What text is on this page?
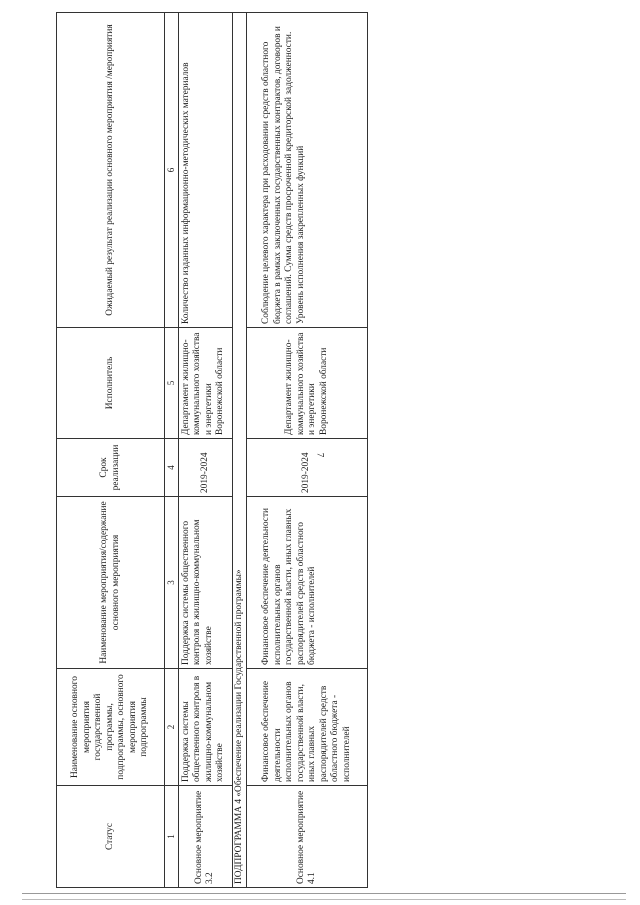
7
Статус	Наименование основного мероприятия государственной программы, подпрограммы, основного мероприятия подпрограммы	Наименование мероприятия/содержание основного мероприятия	Срок реализации	Исполнитель	Ожидаемый результат реализации основного мероприятия /мероприятия
1	2	3	4	5	6
Основное мероприятие 3.2	Поддержка системы общественного контроля в жилищно-коммунальном хозяйстве	Поддержка системы общественного контроля в жилищно-коммунальном хозяйстве	2019-2024	Департамент жилищно-коммунального хозяйства и энергетики Воронежской области	Количество изданных информационно-методических материалов
ПОДПРОГРАММА 4 «Обеспечение реализации Государственной программы»					
Основное мероприятие 4.1	Финансовое обеспечение деятельности исполнительных органов государственной власти, иных главных распорядителей средств областного бюджета - исполнителей	Финансовое обеспечение деятельности исполнительных органов государственной власти, иных главных распорядителей средств областного бюджета - исполнителей	2019-2024	Департамент жилищно-коммунального хозяйства и энергетики Воронежской области	Соблюдение целевого характера при расходовании средств областного бюджета в рамках заключенных государственных контрактов, договоров и соглашений. Сумма средств просроченной кредиторской задолженности. Уровень исполнения закрепленных функций
